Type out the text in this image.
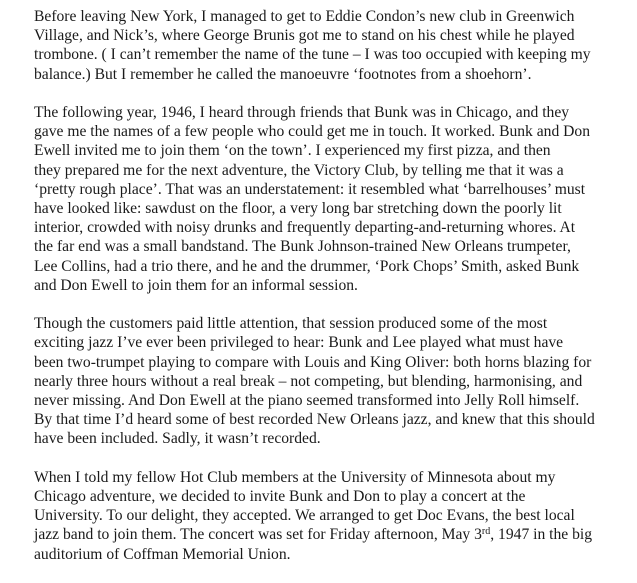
Before leaving New York, I managed to get to Eddie Condon’s new club in Greenwich
Village, and Nick’s, where George Brunis got me to stand on his chest while he played
trombone. ( I can’t remember the name of the tune – I was too occupied with keeping my
balance.) But I remember he called the manoeuvre ‘footnotes from a shoehorn’.
The following year, 1946, I heard through friends that Bunk was in Chicago, and they
gave me the names of a few people who could get me in touch. It worked. Bunk and Don
Ewell invited me to join them ‘on the town’. I experienced my first pizza, and then
they prepared me for the next adventure, the Victory Club, by telling me that it was a
‘pretty rough place’. That was an understatement: it resembled what ‘barrelhouses’ must
have looked like: sawdust on the floor, a very long bar stretching down the poorly lit
interior, crowded with noisy drunks and frequently departing-and-returning whores. At
the far end was a small bandstand. The Bunk Johnson-trained New Orleans trumpeter,
Lee Collins, had a trio there, and he and the drummer, ‘Pork Chops’ Smith, asked Bunk
and Don Ewell to join them for an informal session.
Though the customers paid little attention, that session produced some of the most
exciting jazz I’ve ever been privileged to hear: Bunk and Lee played what must have
been two-trumpet playing to compare with Louis and King Oliver: both horns blazing for
nearly three hours without a real break – not competing, but blending, harmonising, and
never missing. And Don Ewell at the piano seemed transformed into Jelly Roll himself.
By that time I’d heard some of best recorded New Orleans jazz, and knew that this should
have been included. Sadly, it wasn’t recorded.
When I told my fellow Hot Club members at the University of Minnesota about my
Chicago adventure, we decided to invite Bunk and Don to play a concert at the
University. To our delight, they accepted. We arranged to get Doc Evans, the best local
jazz band to join them. The concert was set for Friday afternoon, May 3rd, 1947 in the big
auditorium of Coffman Memorial Union.
